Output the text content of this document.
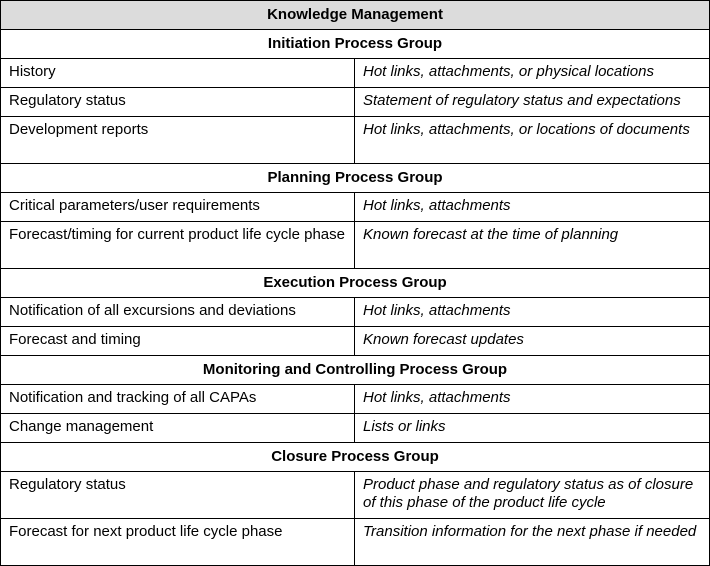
Knowledge Management	
Initiation Process Group	
History	Hot links, attachments, or physical locations
Regulatory status	Statement of regulatory status and expectations
Development reports	Hot links, attachments, or locations of documents
Planning Process Group	
Critical parameters/user requirements	Hot links, attachments
Forecast/timing for current product life cycle phase	Known forecast at the time of planning
Execution Process Group	
Notification of all excursions and deviations	Hot links, attachments
Forecast and timing	Known forecast updates
Monitoring and Controlling Process Group	
Notification and tracking of all CAPAs	Hot links, attachments
Change management	Lists or links
Closure Process Group	
Regulatory status	Product phase and regulatory status as of closure of this phase of the product life cycle
Forecast for next product life cycle phase	Transition information for the next phase if needed
